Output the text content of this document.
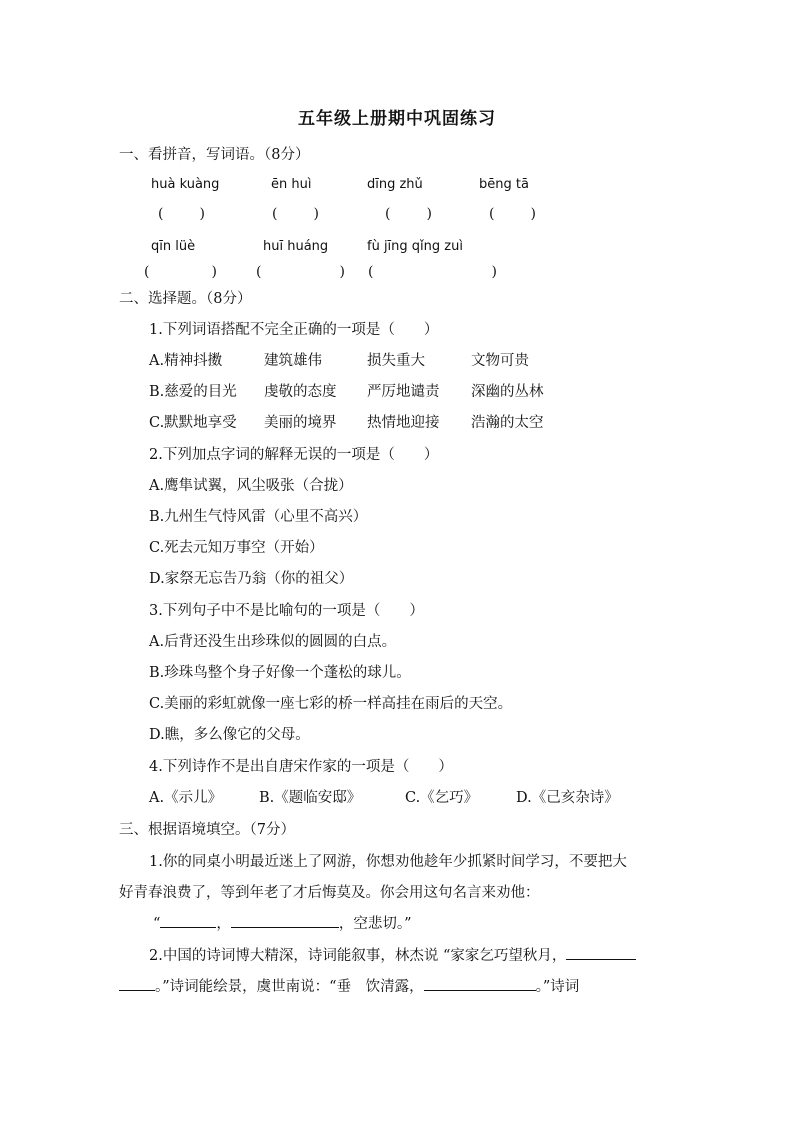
五年级上册期中巩固练习
一、看拼音，写词语。（8分）
huà kuàng	ēn huì	dīng zhǔ	bēng tā
(	)	(	)	(	)	(	)
qīn lüè	huī huáng	fù jīng qǐng zuì
(	)	(	) (	)
二、选择题。（8分）
1.下列词语搭配不完全正确的一项是（　　）
A.精神抖擞	建筑雄伟	损失重大	文物可贵
B.慈爱的目光 虔敬的态度 严厉地谴责 深幽的丛林
C.默默地享受 美丽的境界 热情地迎接 浩瀚的太空
2.下列加点字词的解释无误的一项是（　　）
A.鹰隼试翼，风尘吸张（合拢）
B.九州生气恃风雷（心里不高兴）
C.死去元知万事空（开始）
D.家祭无忘告乃翁（你的祖父）
3.下列句子中不是比喻句的一项是（　　）
A.后背还没生出珍珠似的圆圆的白点。
B.珍珠鸟整个身子好像一个蓬松的球儿。
C.美丽的彩虹就像一座七彩的桥一样高挂在雨后的天空。
D.瞧，多么像它的父母。
4.下列诗作不是出自唐宋作家的一项是（　　）
A.《示儿》	B.《题临安邸》	C.《乞巧》	D.《己亥杂诗》
三、根据语境填空。（7分）
1.你的同桌小明最近迷上了网游，你想劝他趁年少抓紧时间学习，不要把大
好青春浪费了，等到年老了才后悔莫及。你会用这句名言来劝他：
“	，	，空悲切。”
2.中国的诗词博大精深，诗词能叙事，林杰说 “家家乞巧望秋月，
。”诗词能绘景，虞世南说：“垂　饮清露，	。”诗词
